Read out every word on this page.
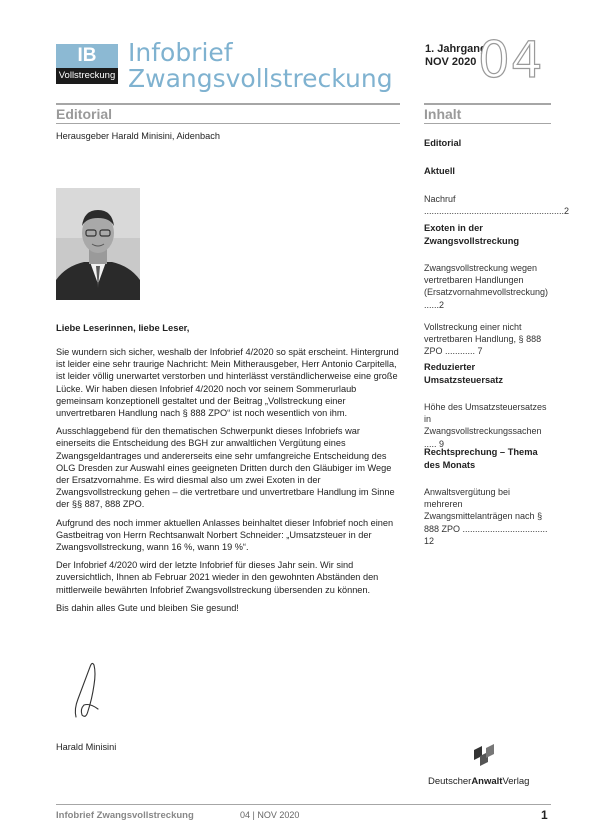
IB
Vollstreckung
Infobrief
Zwangsvollstreckung
1. Jahrgang
NOV 2020 04
Editorial
Herausgeber Harald Minisini, Aidenbach
Liebe Leserinnen, liebe Leser,

Sie wundern sich sicher, weshalb der Infobrief 4/2020 so spät erscheint. Hintergrund ist leider eine sehr traurige Nachricht: Mein Mitherausgeber, Herr Antonio Carpitella, ist leider völlig unerwartet verstorben und hinterlässt verständlicherweise eine große Lücke. Wir haben diesen Infobrief 4/2020 noch vor seinem Sommerurlaub gemeinsam konzeptionell gestaltet und der Beitrag „Vollstreckung einer unvertretbaren Handlung nach § 888 ZPO“ ist noch wesentlich von ihm.

Ausschlaggebend für den thematischen Schwerpunkt dieses Infobriefs war einerseits die Entscheidung des BGH zur anwaltlichen Vergütung eines Zwangsgeldantrages und andererseits eine sehr umfangreiche Entscheidung des OLG Dresden zur Auswahl eines geeigneten Dritten durch den Gläubiger im Wege der Ersatzvornahme. Es wird diesmal also um zwei Exoten in der Zwangsvollstreckung gehen – die vertretbare und unvertretbare Handlung im Sinne der §§ 887, 888 ZPO.

Aufgrund des noch immer aktuellen Anlasses beinhaltet dieser Infobrief noch einen Gastbeitrag von Herrn Rechtsanwalt Norbert Schneider: „Umsatzsteuer in der Zwangsvollstreckung, wann 16 %, wann 19 %“.

Der Infobrief 4/2020 wird der letzte Infobrief für dieses Jahr sein. Wir sind zuversichtlich, Ihnen ab Februar 2021 wieder in den gewohnten Abständen den mittlerweile bewährten Infobrief Zwangsvollstreckung übersenden zu können.

Bis dahin alles Gute und bleiben Sie gesund!

Harald Minisini
Inhalt
Editorial
Aktuell
Nachruf ........................................................2
Exoten in der Zwangsvollstreckung
Zwangsvollstreckung wegen vertretbaren Handlungen (Ersatzvornahmevollstreckung) ......2
Vollstreckung einer nicht vertretbaren Handlung, § 888 ZPO ............ 7
Reduzierter Umsatzsteuersatz
Höhe des Umsatzsteuersatzes in Zwangsvollstreckungssachen ..... 9
Rechtsprechung – Thema des Monats
Anwaltsvergütung bei mehreren Zwangsmittelanträgen nach § 888 ZPO .................................. 12
DeutscherAnwaltVerlag
Infobrief Zwangsvollstreckung	04 | NOV 2020	1
